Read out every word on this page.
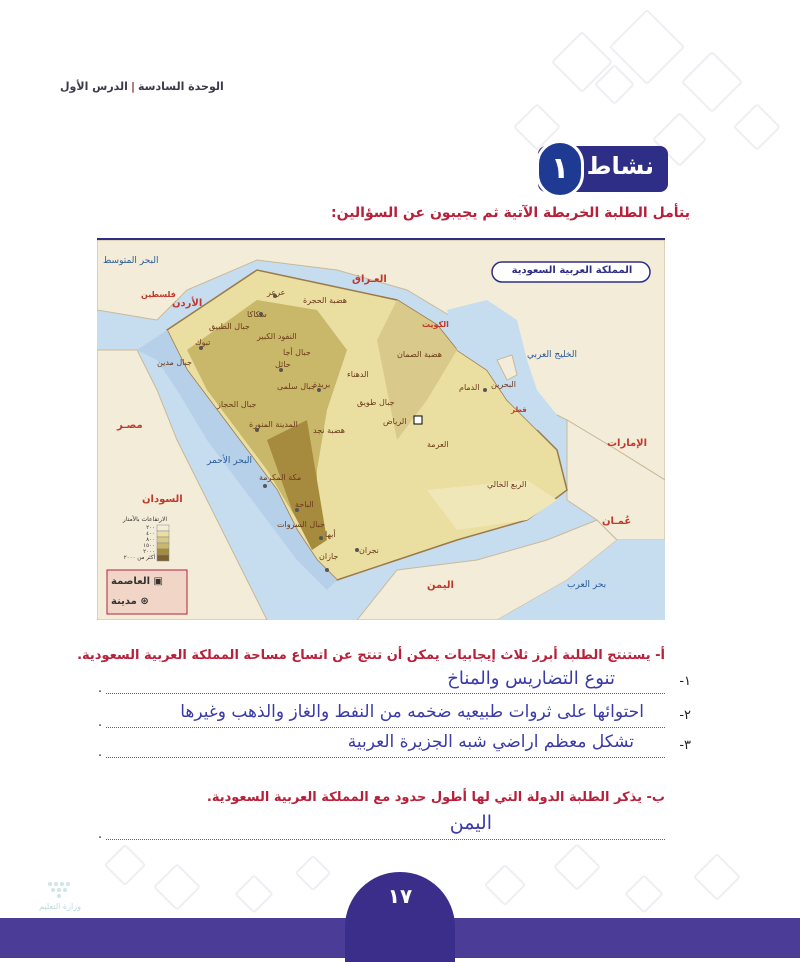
الوحدة السادسة|الدرس الأول
نشاط
١
يتأمل الطلبة الخريطة الآتية ثم يجيبون عن السؤالين:
المملكة العربية السعودية
العـراق
الأردن
فلسطين
الكويت
مصـر
السودان
اليمن
عُمـان
الإمارات
قطر
البحرين
البحر المتوسط
الخليج العربي
البحر الأحمر
بحر العرب
عرعر
سكاكا
تبوك
حائل
بريدة
المدينة المنورة	الرياض
الدمام
مكة المكرمة
الباحة
أبها
نجران
جازان
هضبة الحجرة
النفود الكبير
جبال الطبيق
جبال أجا
جبال سلمى
الدهناء
هضبة الصمان
جبال طويق
هضبة نجد
الربع الخالي
جبال السروات
جبال الحجاز
جبال مدين
العرمة
الارتفاعات بالأمتار
٢٠٠
٤٠٠
٨٠٠
١٥٠٠
٢٠٠٠
أكثر من ٢٠٠٠
▣ العاصمة
⊛ مدينة
أ- يستنتج الطلبة أبرز ثلاث إيجابيات يمكن أن تنتج عن اتساع مساحة المملكة العربية السعودية.
١-
.	تنوع التضاريس والمناخ
٢-
.
احتوائها على ثروات طبيعيه ضخمه من النفط والغاز والذهب وغيرها
٣-
.
تشكل معظم اراضي شبه الجزيرة العربية
ب- يذكر الطلبة الدولة التي لها أطول حدود مع المملكة العربية السعودية.
.
اليمن
وزارة التعليم	١٧
